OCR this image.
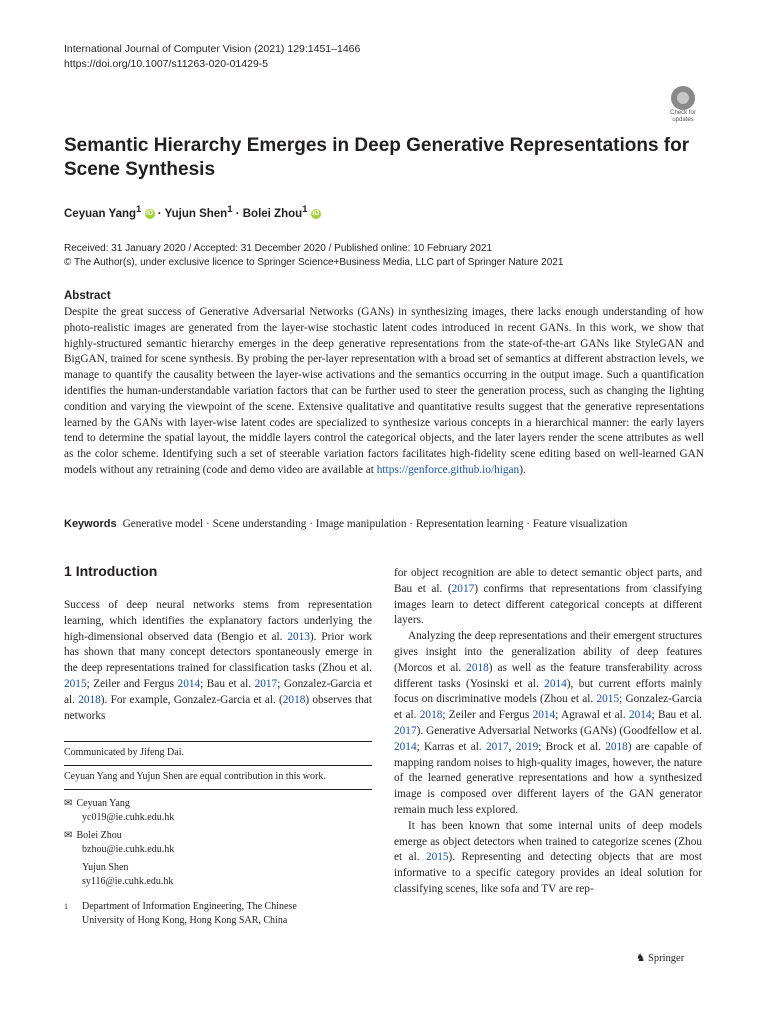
International Journal of Computer Vision (2021) 129:1451–1466
https://doi.org/10.1007/s11263-020-01429-5
Check for
updates
Semantic Hierarchy Emerges in Deep Generative Representations for Scene Synthesis
Ceyuan Yang$^1$ iD · Yujun Shen$^1$ · Bolei Zhou$^1$ iD
Received: 31 January 2020 / Accepted: 31 December 2020 / Published online: 10 February 2021
© The Author(s), under exclusive licence to Springer Science+Business Media, LLC part of Springer Nature 2021
Abstract
Despite the great success of Generative Adversarial Networks (GANs) in synthesizing images, there lacks enough understanding of how photo-realistic images are generated from the layer-wise stochastic latent codes introduced in recent GANs. In this work, we show that highly-structured semantic hierarchy emerges in the deep generative representations from the state-of-the-art GANs like StyleGAN and BigGAN, trained for scene synthesis. By probing the per-layer representation with a broad set of semantics at different abstraction levels, we manage to quantify the causality between the layer-wise activations and the semantics occurring in the output image. Such a quantification identifies the human-understandable variation factors that can be further used to steer the generation process, such as changing the lighting condition and varying the viewpoint of the scene. Extensive qualitative and quantitative results suggest that the generative representations learned by the GANs with layer-wise latent codes are specialized to synthesize various concepts in a hierarchical manner: the early layers tend to determine the spatial layout, the middle layers control the categorical objects, and the later layers render the scene attributes as well as the color scheme. Identifying such a set of steerable variation factors facilitates high-fidelity scene editing based on well-learned GAN models without any retraining (code and demo video are available at https://genforce.github.io/higan).
Keywords Generative model · Scene understanding · Image manipulation · Representation learning · Feature visualization
1 Introduction

Success of deep neural networks stems from representation learning, which identifies the explanatory factors underlying the high-dimensional observed data (Bengio et al. 2013). Prior work has shown that many concept detectors spontaneously emerge in the deep representations trained for classification tasks (Zhou et al. 2015; Zeiler and Fergus 2014; Bau et al. 2017; Gonzalez-Garcia et al. 2018). For example, Gonzalez-Garcia et al. (2018) observes that networks

Communicated by Jifeng Dai.
Ceyuan Yang and Yujun Shen are equal contribution in this work.
✉ Ceyuan Yang
yc019@ie.cuhk.edu.hk
✉ Bolei Zhou
bzhou@ie.cuhk.edu.hk
Yujun Shen
sy116@ie.cuhk.edu.hk
1	Department of Information Engineering, The Chinese University of Hong Kong, Hong Kong SAR, China

for object recognition are able to detect semantic object parts, and Bau et al. (2017) confirms that representations from classifying images learn to detect different categorical concepts at different layers.

Analyzing the deep representations and their emergent structures gives insight into the generalization ability of deep features (Morcos et al. 2018) as well as the feature transferability across different tasks (Yosinski et al. 2014), but current efforts mainly focus on discriminative models (Zhou et al. 2015; Gonzalez-Garcia et al. 2018; Zeiler and Fergus 2014; Agrawal et al. 2014; Bau et al. 2017). Generative Adversarial Networks (GANs) (Goodfellow et al. 2014; Karras et al. 2017, 2019; Brock et al. 2018) are capable of mapping random noises to high-quality images, however, the nature of the learned generative representations and how a synthesized image is composed over different layers of the GAN generator remain much less explored.

It has been known that some internal units of deep models emerge as object detectors when trained to categorize scenes (Zhou et al. 2015). Representing and detecting objects that are most informative to a specific category provides an ideal solution for classifying scenes, like sofa and TV are rep-

♞ Springer
